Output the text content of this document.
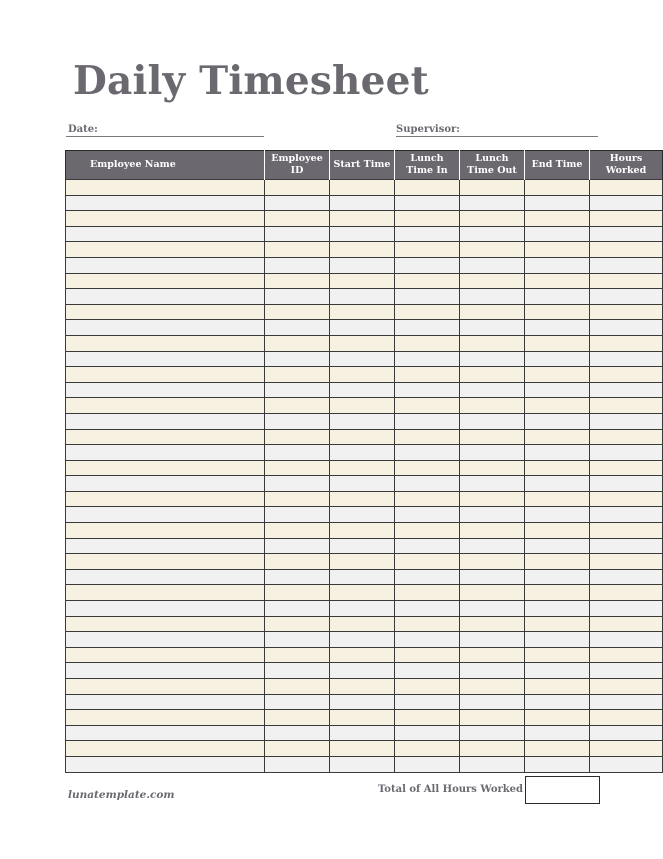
Daily Timesheet
Date:	Supervisor:
Employee Name	Employee ID	Start Time	Lunch Time In	Lunch Time Out	End Time	Hours Worked

lunatemplate.com	Total of All Hours Worked
